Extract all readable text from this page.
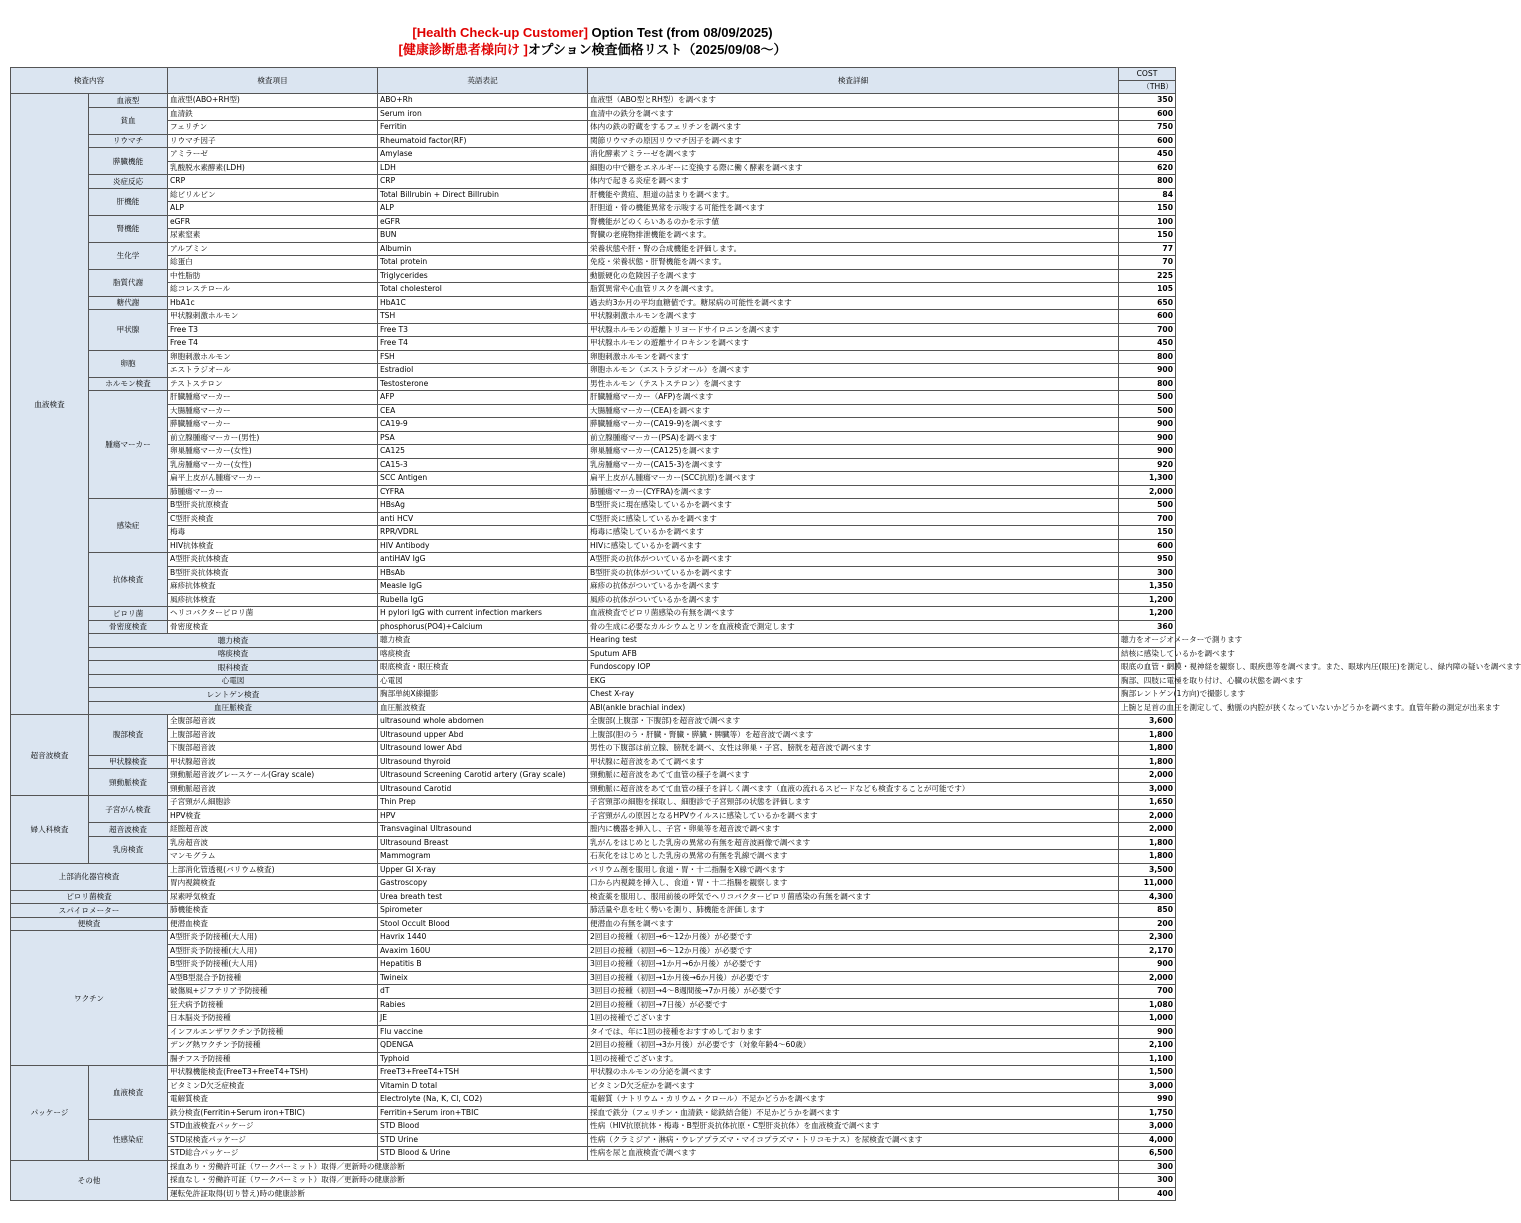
[Health Check-up Customer] Option Test (from 08/09/2025)
[健康診断患者様向け ]オプション検査価格リスト（2025/09/08～）
検査内容		検査項目	英語表記	検査詳細	COST	
					（THB）	
血液検査	血液型	血液型(ABO+RH型)	ABO+Rh	血液型（ABO型とRH型）を調べます	350	
	貧血	血清鉄	Serum iron	血清中の鉄分を調べます	600	
		フェリチン	Ferritin	体内の鉄の貯蔵をするフェリチンを調べます	750	
	リウマチ	リウマチ因子	Rheumatoid factor(RF)	関節リウマチの原因リウマチ因子を調べます	600	
	膵臓機能	アミラーゼ	Amylase	消化酵素アミラーゼを調べます	450	
		乳酸脱水素酵素(LDH)	LDH	細胞の中で糖をエネルギーに変換する際に働く酵素を調べます	620	
	炎症反応	CRP	CRP	体内で起きる炎症を調べます	800	
	肝機能	総ビリルビン	Total Billrubin + Direct Billrubin	肝機能や黄疸、胆道の詰まりを調べます。	84	
		ALP	ALP	肝胆道・骨の機能異常を示唆する可能性を調べます	150	
	腎機能	eGFR	eGFR	腎機能がどのくらいあるのかを示す値	100	
		尿素窒素	BUN	腎臓の老廃物排泄機能を調べます。	150	
	生化学	アルブミン	Albumin	栄養状態や肝・腎の合成機能を評価します。	77	
		総蛋白	Total protein	免疫・栄養状態・肝腎機能を調べます。	70	
	脂質代謝	中性脂肪	Triglycerides	動脈硬化の危険因子を調べます	225	
		総コレステロール	Total cholesterol	脂質異常や心血管リスクを調べます。	105	
	糖代謝	HbA1c	HbA1C	過去約3か月の平均血糖値です。糖尿病の可能性を調べます	650	
	甲状腺	甲状腺刺激ホルモン	TSH	甲状腺刺激ホルモンを調べます	600	
		Free T3	Free T3	甲状腺ホルモンの遊離トリヨードサイロニンを調べます	700	
		Free T4	Free T4	甲状腺ホルモンの遊離サイロキシンを調べます	450	
	卵胞	卵胞刺激ホルモン	FSH	卵胞刺激ホルモンを調べます	800	
		エストラジオール	Estradiol	卵胞ホルモン（エストラジオール）を調べます	900	
	ホルモン検査	テストステロン	Testosterone	男性ホルモン（テストステロン）を調べます	800	
	腫瘍マーカー	肝臓腫瘍マーカー	AFP	肝臓腫瘍マーカー（AFP)を調べます	500	
		大腸腫瘍マーカー	CEA	大腸腫瘍マーカー(CEA)を調べます	500	
		膵臓腫瘍マーカー	CA19-9	膵臓腫瘍マーカー(CA19-9)を調べます	900	
		前立腺腫瘍マーカー(男性)	PSA	前立腺腫瘍マーカー(PSA)を調べます	900	
		卵巣腫瘍マーカー(女性)	CA125	卵巣腫瘍マーカー(CA125)を調べます	900	
		乳房腫瘍マーカー(女性)	CA15-3	乳房腫瘍マーカー(CA15-3)を調べます	920	
		扁平上皮がん腫瘍マーカー	SCC Antigen	扁平上皮がん腫瘍マーカー(SCC抗原)を調べます	1,300	
		肺腫瘍マーカー	CYFRA	肺腫瘍マーカー(CYFRA)を調べます	2,000	
	感染症	B型肝炎抗原検査	HBsAg	B型肝炎に現在感染しているかを調べます	500	
		C型肝炎検査	anti HCV	C型肝炎に感染しているかを調べます	700	
		梅毒	RPR/VDRL	梅毒に感染しているかを調べます	150	
		HIV抗体検査	HIV Antibody	HIVに感染しているかを調べます	600	
	抗体検査	A型肝炎抗体検査	antiHAV IgG	A型肝炎の抗体がついているかを調べます	950	
		B型肝炎抗体検査	HBsAb	B型肝炎の抗体がついているかを調べます	300	
		麻疹抗体検査	Measle IgG	麻疹の抗体がついているかを調べます	1,350	
		風疹抗体検査	Rubella IgG	風疹の抗体がついているかを調べます	1,200	
	ピロリ菌	ヘリコバクターピロリ菌	H pylori IgG with current infection markers	血液検査でピロリ菌感染の有無を調べます	1,200	
	骨密度検査	骨密度検査	phosphorus(PO4)+Calcium	骨の生成に必要なカルシウムとリンを血液検査で測定します	360	
	聴力検査		聴力検査	Hearing test	聴力をオージオメーターで測ります	
	喀痰検査		喀痰検査	Sputum AFB	結核に感染しているかを調べます	
	眼科検査		眼底検査・眼圧検査	Fundoscopy IOP	眼底の血管・網膜・視神経を観察し、眼疾患等を調べます。また、眼球内圧(眼圧)を測定し、緑内障の疑いを調べます	
	心電図		心電図	EKG	胸部、四肢に電極を取り付け、心臓の状態を調べます	
	レントゲン検査		胸部単純X線撮影	Chest X-ray	胸部レントゲン(1方向)で撮影します	
	血圧脈検査		血圧脈波検査	ABI(ankle brachial index)	上腕と足首の血圧を測定して、動脈の内腔が狭くなっていないかどうかを調べます。血管年齢の測定が出来ます	
超音波検査	腹部検査	全腹部超音波	ultrasound whole abdomen	全腹部(上腹部・下腹部)を超音波で調べます	3,600	
		上腹部超音波	Ultrasound upper Abd	上腹部(胆のう・肝臓・腎臓・膵臓・脾臓等）を超音波で調べます	1,800	
		下腹部超音波	Ultrasound lower Abd	男性の下腹部は前立腺、膀胱を調べ、女性は卵巣・子宮、膀胱を超音波で調べます	1,800	
	甲状腺検査	甲状腺超音波	Ultrasound thyroid	甲状腺に超音波をあてて調べます	1,800	
	頸動脈検査	頸動脈超音波グレースケール(Gray scale)	Ultrasound Screening Carotid artery (Gray scale)	頸動脈に超音波をあてて血管の様子を調べます	2,000	
		頸動脈超音波	Ultrasound Carotid	頸動脈に超音波をあてて血管の様子を詳しく調べます（血液の流れるスピードなども検査することが可能です）	3,000	
婦人科検査	子宮がん検査	子宮頸がん細胞診	Thin Prep	子宮頸部の細胞を採取し、細胞診で子宮頸部の状態を評価します	1,650	
		HPV検査	HPV	子宮頸がんの原因となるHPVウイルスに感染しているかを調べます	2,000	
	超音波検査	経膣超音波	Transvaginal Ultrasound	膣内に機器を挿入し、子宮・卵巣等を超音波で調べます	2,000	
	乳房検査	乳房超音波	Ultrasound Breast	乳がんをはじめとした乳房の異常の有無を超音波画像で調べます	1,800	
		マンモグラム	Mammogram	石灰化をはじめとした乳房の異常の有無を乳線で調べます	1,800	
上部消化器官検査		上部消化管透視(バリウム検査)	Upper GI X-ray	バリウム剤を服用し食道・胃・十二指腸をX線で調べます	3,500	
		胃内視鏡検査	Gastroscopy	口から内視鏡を挿入し、食道・胃・十二指腸を観察します	11,000	
ピロリ菌検査		尿素呼気検査	Urea breath test	検査薬を服用し、服用前後の呼気でヘリコバクターピロリ菌感染の有無を調べます	4,300	
スパイロメーター		肺機能検査	Spirometer	肺活量や息を吐く勢いを測り、肺機能を評価します	850	
便検査		便潜血検査	Stool Occult Blood	便潜血の有無を調べます	200	
ワクチン		A型肝炎予防接種(大人用)	Havrix 1440	2回目の接種（初回→6～12か月後）が必要です	2,300	
		A型肝炎予防接種(大人用)	Avaxim 160U	2回目の接種（初回→6～12か月後）が必要です	2,170	
		B型肝炎予防接種(大人用)	Hepatitis B	3回目の接種（初回→1か月→6か月後）が必要です	900	
		A型B型混合予防接種	Twineix	3回目の接種（初回→1か月後→6か月後）が必要です	2,000	
		破傷風+ジフテリア予防接種	dT	3回目の接種（初回→4～8週間後→7か月後）が必要です	700	
		狂犬病予防接種	Rabies	2回目の接種（初回→7日後）が必要です	1,080	
		日本脳炎予防接種	JE	1回の接種でございます	1,000	
		インフルエンザワクチン予防接種	Flu vaccine	タイでは、年に1回の接種をおすすめしております	900	
		デング熱ワクチン予防接種	QDENGA	2回目の接種（初回→3か月後）が必要です（対象年齢4～60歳）	2,100	
		腸チフス予防接種	Typhoid	1回の接種でございます。	1,100	
パッケージ	血液検査	甲状腺機能検査(FreeT3+FreeT4+TSH)	FreeT3+FreeT4+TSH	甲状腺のホルモンの分泌を調べます	1,500	
		ビタミンD欠乏症検査	Vitamin D total	ビタミンD欠乏症かを調べます	3,000	
		電解質検査	Electrolyte (Na, K, Cl, CO2)	電解質（ナトリウム・カリウム・クロール）不足かどうかを調べます	990	
		鉄分検査(Ferritin+Serum iron+TBIC)	Ferritin+Serum iron+TBIC	採血で鉄分（フェリチン・血清鉄・総鉄結合能）不足かどうかを調べます	1,750	
	性感染症	STD血液検査パッケージ	STD Blood	性病（HIV抗原抗体・梅毒・B型肝炎抗体抗原・C型肝炎抗体）を血液検査で調べます	3,000	
		STD尿検査パッケージ	STD Urine	性病（クラミジア・淋病・ウレアプラズマ・マイコプラズマ・トリコモナス）を尿検査で調べます	4,000	
		STD総合パッケージ	STD Blood & Urine	性病を尿と血液検査で調べます	6,500	
その他		採血あり・労働許可証（ワークパーミット）取得／更新時の健康診断			300	
		採血なし・労働許可証（ワークパーミット）取得／更新時の健康診断			300	
		運転免許証取得(切り替え)時の健康診断			400	
